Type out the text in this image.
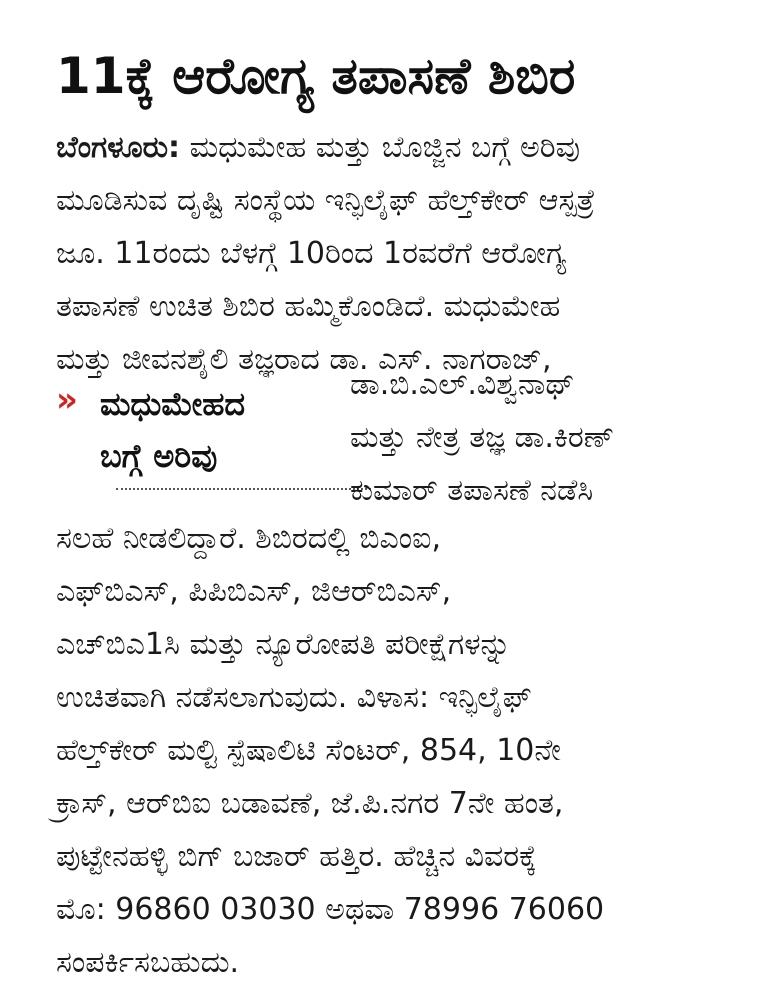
11ಕ್ಕೆ ಆರೋಗ್ಯ ತಪಾಸಣೆ ಶಿಬಿರ
ಬೆಂಗಳೂರು: ಮಧುಮೇಹ ಮತ್ತು ಬೊಜ್ಜಿನ ಬಗ್ಗೆ ಅರಿವು
ಮೂಡಿಸುವ ದೃಷ್ಟಿ ಸಂಸ್ಥೆಯ ಇನ್ಫಿಲೈಫ್ ಹೆಲ್ತ್‌ಕೇರ್ ಆಸ್ಪತ್ರೆ
ಜೂ. 11ರಂದು ಬೆಳಗ್ಗೆ 10ರಿಂದ 1ರವರೆಗೆ ಆರೋಗ್ಯ
ತಪಾಸಣೆ ಉಚಿತ ಶಿಬಿರ ಹಮ್ಮಿಕೊಂಡಿದೆ. ಮಧುಮೇಹ
ಮತ್ತು ಜೀವನಶೈಲಿ ತಜ್ಞರಾದ ಡಾ. ಎಸ್. ನಾಗರಾಜ್,
» ಮಧುಮೇಹದ
ಬಗ್ಗೆ ಅರಿವು
ಡಾ.ಬಿ.ಎಲ್.ವಿಶ್ವನಾಥ್
ಮತ್ತು ನೇತ್ರ ತಜ್ಞ ಡಾ.ಕಿರಣ್
ಕುಮಾರ್ ತಪಾಸಣೆ ನಡೆಸಿ
ಸಲಹೆ ನೀಡಲಿದ್ದಾರೆ. ಶಿಬಿರದಲ್ಲಿ ಬಿಎಂಐ,
ಎಫ್‌ಬಿಎಸ್, ಪಿಪಿಬಿಎಸ್, ಜಿಆರ್‌ಬಿಎಸ್,
ಎಚ್‌ಬಿಎ1ಸಿ ಮತ್ತು ನ್ಯೂರೋಪತಿ ಪರೀಕ್ಷೆಗಳನ್ನು
ಉಚಿತವಾಗಿ ನಡೆಸಲಾಗುವುದು. ವಿಳಾಸ: ಇನ್ಫಿಲೈಫ್
ಹೆಲ್ತ್‌ಕೇರ್ ಮಲ್ಟಿ ಸ್ಪೆಷಾಲಿಟಿ ಸೆಂಟರ್, 854, 10ನೇ
ಕ್ರಾಸ್, ಆರ್‌ಬಿಐ ಬಡಾವಣೆ, ಜೆ.ಪಿ.ನಗರ 7ನೇ ಹಂತ,
ಪುಟ್ಟೇನಹಳ್ಳಿ ಬಿಗ್ ಬಜಾರ್ ಹತ್ತಿರ. ಹೆಚ್ಚಿನ ವಿವರಕ್ಕೆ
ಮೊ: 96860 03030 ಅಥವಾ 78996 76060
ಸಂಪರ್ಕಿಸಬಹುದು.
